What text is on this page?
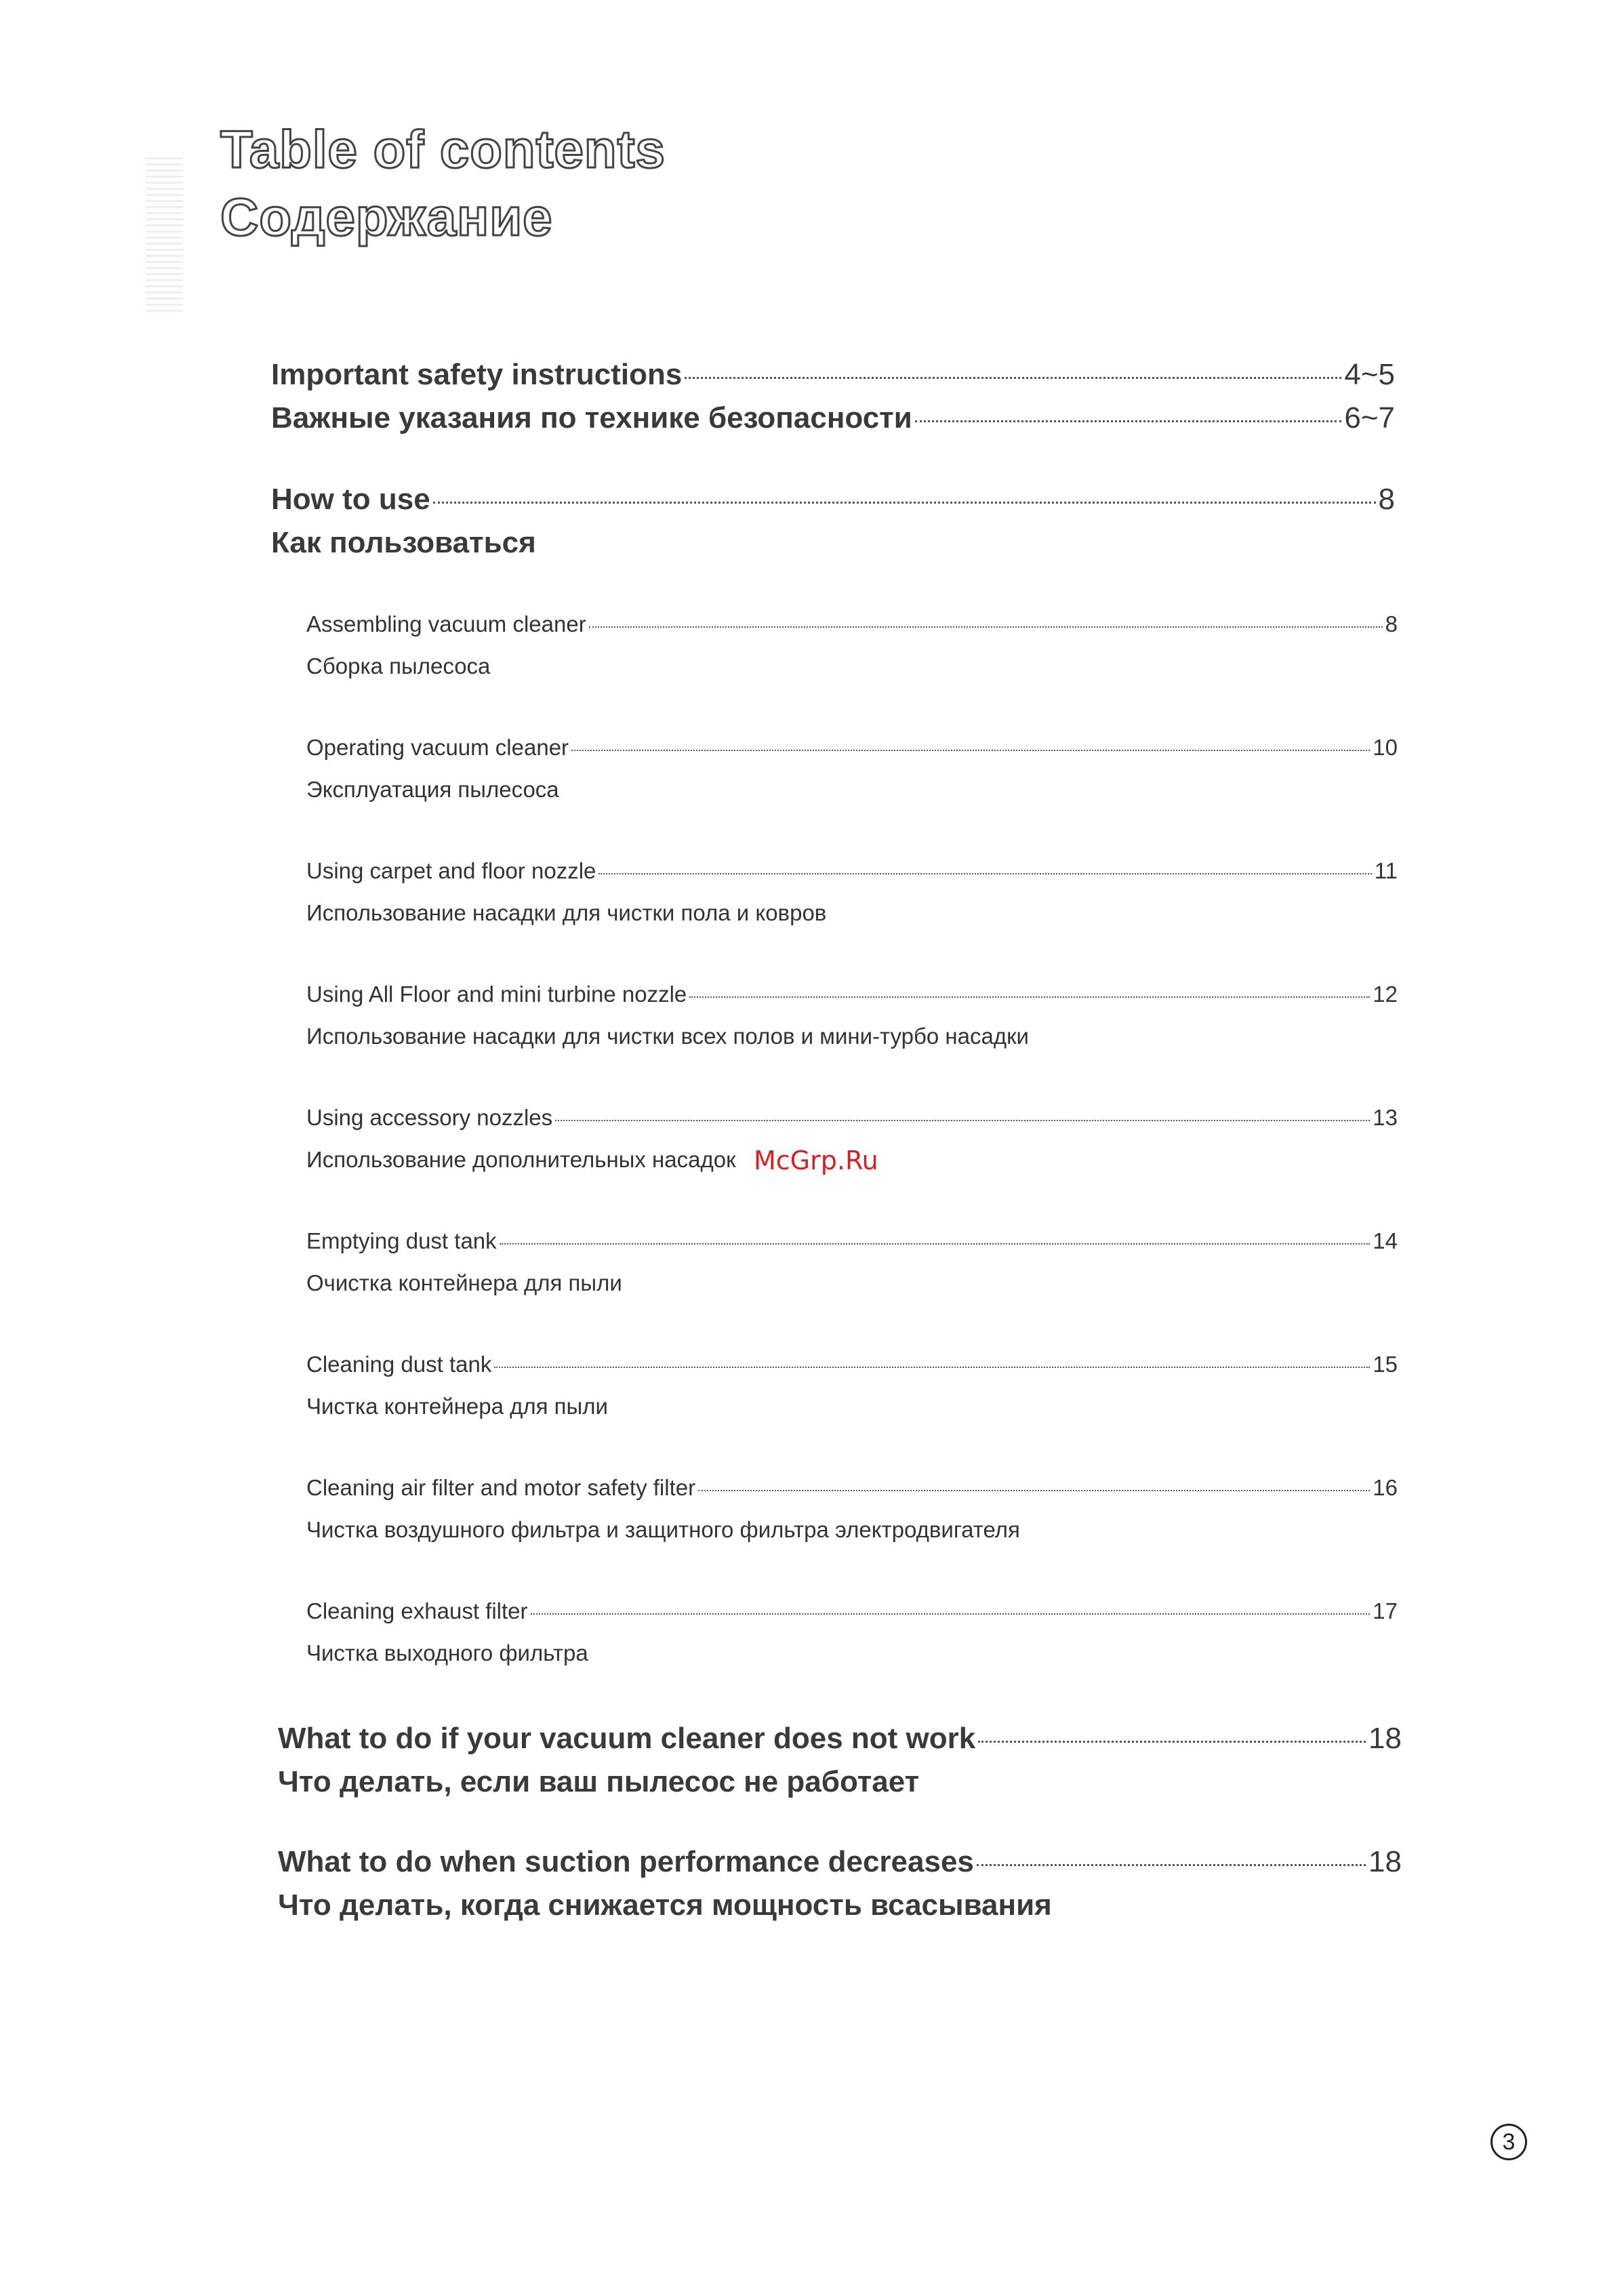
Table of contents
Содержание
Important safety instructions	4~5
Важные указания по технике безопасности	6~7
How to use	8
Как пользоваться
Assembling vacuum cleaner	8
Сборка пылесоса
Operating vacuum cleaner	10
Эксплуатация пылесоса
Using carpet and floor nozzle	11
Использование насадки для чистки пола и ковров
Using All Floor and mini turbine nozzle	12
Использование насадки для чистки всех полов и мини-турбо насадки
Using accessory nozzles	13
Использование дополнительных насадок
Emptying dust tank	14
Очистка контейнера для пыли
Cleaning dust tank	15
Чистка контейнера для пыли
Cleaning air filter and motor safety filter	16
Чистка воздушного фильтра и защитного фильтра электродвигателя
Cleaning exhaust filter	17
Чистка выходного фильтра
What to do if your vacuum cleaner does not work	18
Что делать, если ваш пылесос не работает
What to do when suction performance decreases	18
Что делать, когда снижается мощность всасывания
McGrp.Ru
3
